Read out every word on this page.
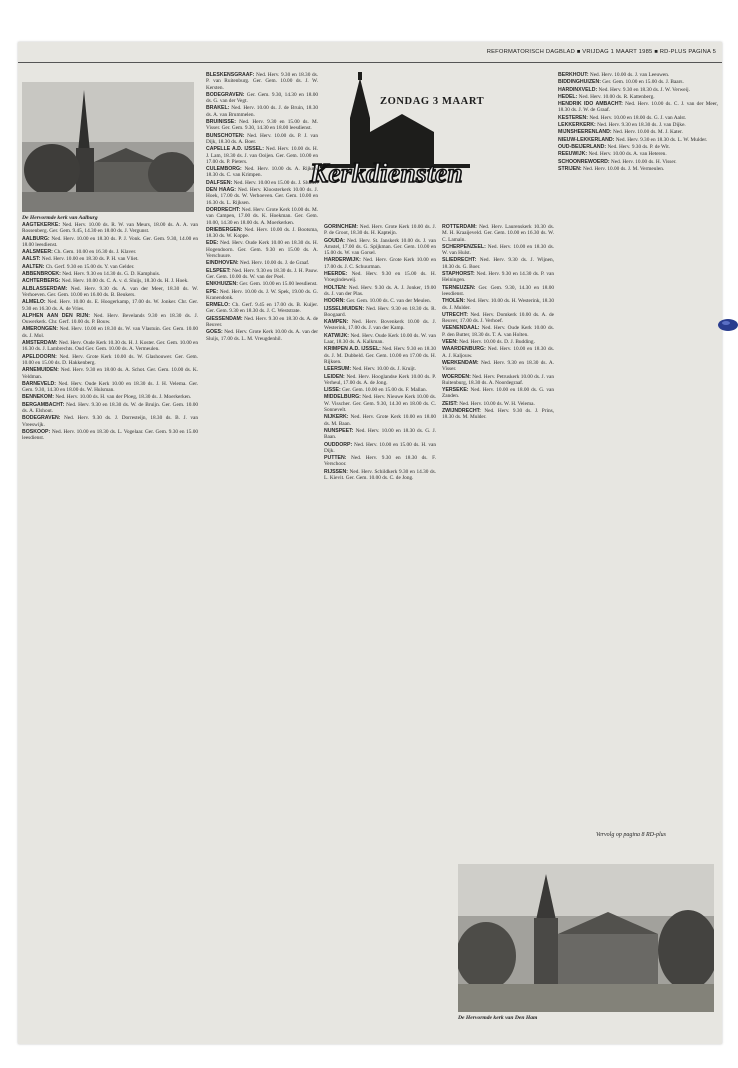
REFORMATORISCH DAGBLAD ■ VRIJDAG 1 MAART 1985 ■ RD-PLUS PAGINA 5
De Hervormde kerk van Aalburg
ZONDAG 3 MAART
Kerkdiensten

AAGTEKERKE: Ned. Herv. 10.00 ds. R. W. van Meurs, 18.00 ds. A. A. van Rossenberg. Ger. Gem. 9.45, 14.30 en 18.00 ds. J. Vergunst.

AALBURG: Ned. Herv. 10.00 en 18.30 ds. P. J. Vonk. Ger. Gem. 9.30, 14.00 en 18.00 leesdienst.

AALSMEER: Ch. Gem. 10.00 en 16.30 ds. J. Klaver.

AALST: Ned. Herv. 10.00 en 18.30 ds. P. H. van Vliet.

AALTEN: Ch. Gerf. 9.30 en 15.00 ds. Y. van Gelder.

ABBENBROEK: Ned. Herv. 9.30 en 14.30 ds. G. D. Kamphuis.

ACHTERBERG: Ned. Herv. 10.00 ds. C. A. v. d. Sluijs, 18.30 ds. H. J. Hoek.

ALBLASSERDAM: Ned. Herv. 9.30 ds. A. van der Meer, 18.30 ds. W. Verhoeven. Ger. Gem. 10.00 en 16.00 ds. B. Beukers.

ALMELO: Ned. Herv. 10.00 ds. E. Hoogerkamp, 17.00 ds. W. Jonker. Chr. Ger. 9.30 en 16.30 ds. A. de Vries.

ALPHEN AAN DEN RIJN: Ned. Herv. Bevelands 9.30 en 18.30 ds. J. Ouwerkerk. Chr. Gerf. 10.00 ds. P. Bouw.

AMERONGEN: Ned. Herv. 10.00 en 18.30 ds. W. van Vlastuin. Ger. Gem. 10.00 ds. J. Mol.

AMSTERDAM: Ned. Herv. Oude Kerk 10.30 ds. H. J. Koster. Ger. Gem. 10.00 en 16.30 ds. J. Lambrechts. Oud Ger. Gem. 10.00 ds. A. Vermeulen.

APELDOORN: Ned. Herv. Grote Kerk 10.00 ds. W. Glashouwer. Ger. Gem. 10.00 en 15.00 ds. D. Hakkenberg.

ARNEMUIDEN: Ned. Herv. 9.30 en 18.00 ds. A. Schot. Ger. Gem. 10.00 ds. K. Veldman.

BARNEVELD: Ned. Herv. Oude Kerk 10.00 en 18.30 ds. J. H. Velema. Ger. Gem. 9.30, 14.30 en 18.00 ds. W. Hulsman.

BENNEKOM: Ned. Herv. 10.00 ds. H. van der Ploeg, 18.30 ds. J. Moerkerken.

BERGAMBACHT: Ned. Herv. 9.30 en 18.30 ds. W. de Bruijn. Ger. Gem. 10.00 ds. A. Elshout.

BODEGRAVEN: Ned. Herv. 9.30 ds. J. Dorresteijn, 18.30 ds. B. J. van Vreeswijk.

BOSKOOP: Ned. Herv. 10.00 en 18.30 ds. L. Vogelaar. Ger. Gem. 9.30 en 15.00 leesdienst.

BLESKENSGRAAF: Ned. Herv. 9.30 en 18.30 ds. P. van Ruitenburg. Ger. Gem. 10.00 ds. J. W. Kersten.

BODEGRAVEN: Ger. Gem. 9.30, 14.30 en 18.00 ds. G. van der Vegt.

BRAKEL: Ned. Herv. 10.00 ds. J. de Bruin, 18.30 ds. A. van Brummelen.

BRUINISSE: Ned. Herv. 9.30 en 15.00 ds. M. Visser. Ger. Gem. 9.30, 14.30 en 18.00 leesdienst.

BUNSCHOTEN: Ned. Herv. 10.00 ds. P. J. van Dijk, 18.30 ds. A. Boer.

CAPELLE A.D. IJSSEL: Ned. Herv. 10.00 ds. H. J. Lam, 18.30 ds. J. van Ooijen. Ger. Gem. 10.00 en 17.00 ds. P. Pieters.

CULEMBORG: Ned. Herv. 10.00 ds. A. Rijken, 18.30 ds. C. van Krimpen.

DALFSEN: Ned. Herv. 10.00 en 15.00 ds. J. Sluiter.

DEN HAAG: Ned. Herv. Kloosterkerk 10.00 ds. J. Hoek, 17.00 ds. W. Verhoeven. Ger. Gem. 10.00 en 16.30 ds. L. Rijksen.

DORDRECHT: Ned. Herv. Grote Kerk 10.00 ds. M. van Campen, 17.00 ds. K. Hoekman. Ger. Gem. 10.00, 14.30 en 18.00 ds. A. Moerkerken.

DRIEBERGEN: Ned. Herv. 10.00 ds. J. Bootsma, 18.30 ds. W. Koppe.

EDE: Ned. Herv. Oude Kerk 10.00 en 18.30 ds. H. Hogendoorn. Ger. Gem. 9.30 en 15.00 ds. A. Verschuure.

EINDHOVEN: Ned. Herv. 10.00 ds. J. de Graaf.

ELSPEET: Ned. Herv. 9.30 en 18.30 ds. J. H. Pauw. Ger. Gem. 10.00 ds. W. van der Poel.

ENKHUIZEN: Ger. Gem. 10.00 en 15.00 leesdienst.

EPE: Ned. Herv. 10.00 ds. J. W. Spek, 19.00 ds. G. Kranendonk.

ERMELO: Ch. Gerf. 9.45 en 17.00 ds. B. Kuijer. Ger. Gem. 9.30 en 18.30 ds. J. C. Weststrate.

GIESSENDAM: Ned. Herv. 9.30 en 18.30 ds. A. de Reuver.

GOES: Ned. Herv. Grote Kerk 10.00 ds. A. van der Sluijs, 17.00 ds. L. M. Vreugdenhil.

GORINCHEM: Ned. Herv. Grote Kerk 10.00 ds. J. P. de Groot, 18.30 ds. H. Kapteijn.

GOUDA: Ned. Herv. St. Janskerk 10.00 ds. J. van Amstel, 17.00 ds. G. Spijkman. Ger. Gem. 10.00 en 15.00 ds. W. van Gorsel.

HARDERWIJK: Ned. Herv. Grote Kerk 10.00 en 17.00 ds. J. C. Schuurman.

HEERDE: Ned. Herv. 9.30 en 15.00 ds. H. Vroegindeweij.

HOLTEN: Ned. Herv. 9.30 ds. A. J. Jonker, 19.00 ds. J. van der Plas.

HOORN: Ger. Gem. 10.00 ds. C. van der Meulen.

IJSSELMUIDEN: Ned. Herv. 9.30 en 18.30 ds. R. Boogaard.

KAMPEN: Ned. Herv. Bovenkerk 10.00 ds. J. Westerink, 17.00 ds. J. van der Kamp.

KATWIJK: Ned. Herv. Oude Kerk 10.00 ds. W. van Laar, 18.30 ds. A. Kalkman.

KRIMPEN A.D. IJSSEL: Ned. Herv. 9.30 en 18.30 ds. J. M. Dubbeld. Ger. Gem. 10.00 en 17.00 ds. H. Rijksen.

LEERSUM: Ned. Herv. 10.00 ds. J. Kruijt.

LEIDEN: Ned. Herv. Hooglandse Kerk 10.00 ds. P. Verheul, 17.00 ds. A. de Jong.

LISSE: Ger. Gem. 10.00 en 15.00 ds. F. Mallan.

MIDDELBURG: Ned. Herv. Nieuwe Kerk 10.00 ds. W. Visscher. Ger. Gem. 9.30, 14.30 en 18.00 ds. C. Sonnevelt.

NIJKERK: Ned. Herv. Grote Kerk 10.00 en 18.00 ds. M. Baan.

NUNSPEET: Ned. Herv. 10.00 en 18.30 ds. G. J. Baan.

OUDDORP: Ned. Herv. 10.00 en 15.00 ds. H. van Dijk.

PUTTEN: Ned. Herv. 9.30 en 18.30 ds. F. Verschoor.

RIJSSEN: Ned. Herv. Schildkerk 9.30 en 14.30 ds. L. Kievit. Ger. Gem. 10.00 ds. C. de Jong.

ROTTERDAM: Ned. Herv. Laurenskerk 10.30 ds. M. H. Kraaijeveld. Ger. Gem. 10.00 en 16.30 ds. W. C. Lamain.

SCHERPENZEEL: Ned. Herv. 10.00 en 18.30 ds. W. van Hulst.

SLIEDRECHT: Ned. Herv. 9.30 ds. J. Wijnen, 18.30 ds. G. Boer.

STAPHORST: Ned. Herv. 9.30 en 14.30 ds. P. van Heiningen.

TERNEUZEN: Ger. Gem. 9.30, 14.30 en 18.00 leesdienst.

THOLEN: Ned. Herv. 10.00 ds. H. Westerink, 18.30 ds. J. Mulder.

UTRECHT: Ned. Herv. Domkerk 10.00 ds. A. de Reuver, 17.00 ds. J. Verhoef.

VEENENDAAL: Ned. Herv. Oude Kerk 10.00 ds. P. den Butter, 18.30 ds. T. A. van Holten.

VEEN: Ned. Herv. 10.00 ds. D. J. Budding.

WAARDENBURG: Ned. Herv. 10.00 en 18.30 ds. A. J. Kaljouw.

WERKENDAM: Ned. Herv. 9.30 en 18.30 ds. A. Visser.

WOERDEN: Ned. Herv. Petruskerk 10.00 ds. J. van Ruitenburg, 18.30 ds. A. Noordegraaf.

YERSEKE: Ned. Herv. 10.00 en 18.00 ds. G. van Zanden.

ZEIST: Ned. Herv. 10.00 ds. W. H. Velema.

ZWIJNDRECHT: Ned. Herv. 9.30 ds. J. Prins, 18.30 ds. M. Mulder.

BERKHOUT: Ned. Herv. 10.00 ds. J. van Leeuwen.

BIDDINGHUIZEN: Ger. Gem. 10.00 en 15.00 ds. J. Baars.

HARDINXVELD: Ned. Herv. 9.30 en 18.30 ds. J. W. Verweij.

HEDEL: Ned. Herv. 10.00 ds. R. Kattenberg.

HENDRIK IDO AMBACHT: Ned. Herv. 10.00 ds. C. J. van der Meer, 18.30 ds. J. W. de Graaf.

KESTEREN: Ned. Herv. 10.00 en 18.00 ds. G. J. van Aalst.

LEKKERKERK: Ned. Herv. 9.30 en 18.30 ds. J. van Dijke.

MIJNSHEERENLAND: Ned. Herv. 10.00 ds. M. J. Kater.

NIEUW-LEKKERLAND: Ned. Herv. 9.30 en 18.30 ds. L. W. Mulder.

OUD-BEIJERLAND: Ned. Herv. 9.30 ds. P. de Wit.

REEUWIJK: Ned. Herv. 10.00 ds. A. van Heteren.

SCHOONREWOERD: Ned. Herv. 10.00 ds. H. Visser.

STRIJEN: Ned. Herv. 10.00 ds. J. M. Vermeulen.

Vervolg op pagina 8 RD-plus
De Hervormde kerk van Den Ham
